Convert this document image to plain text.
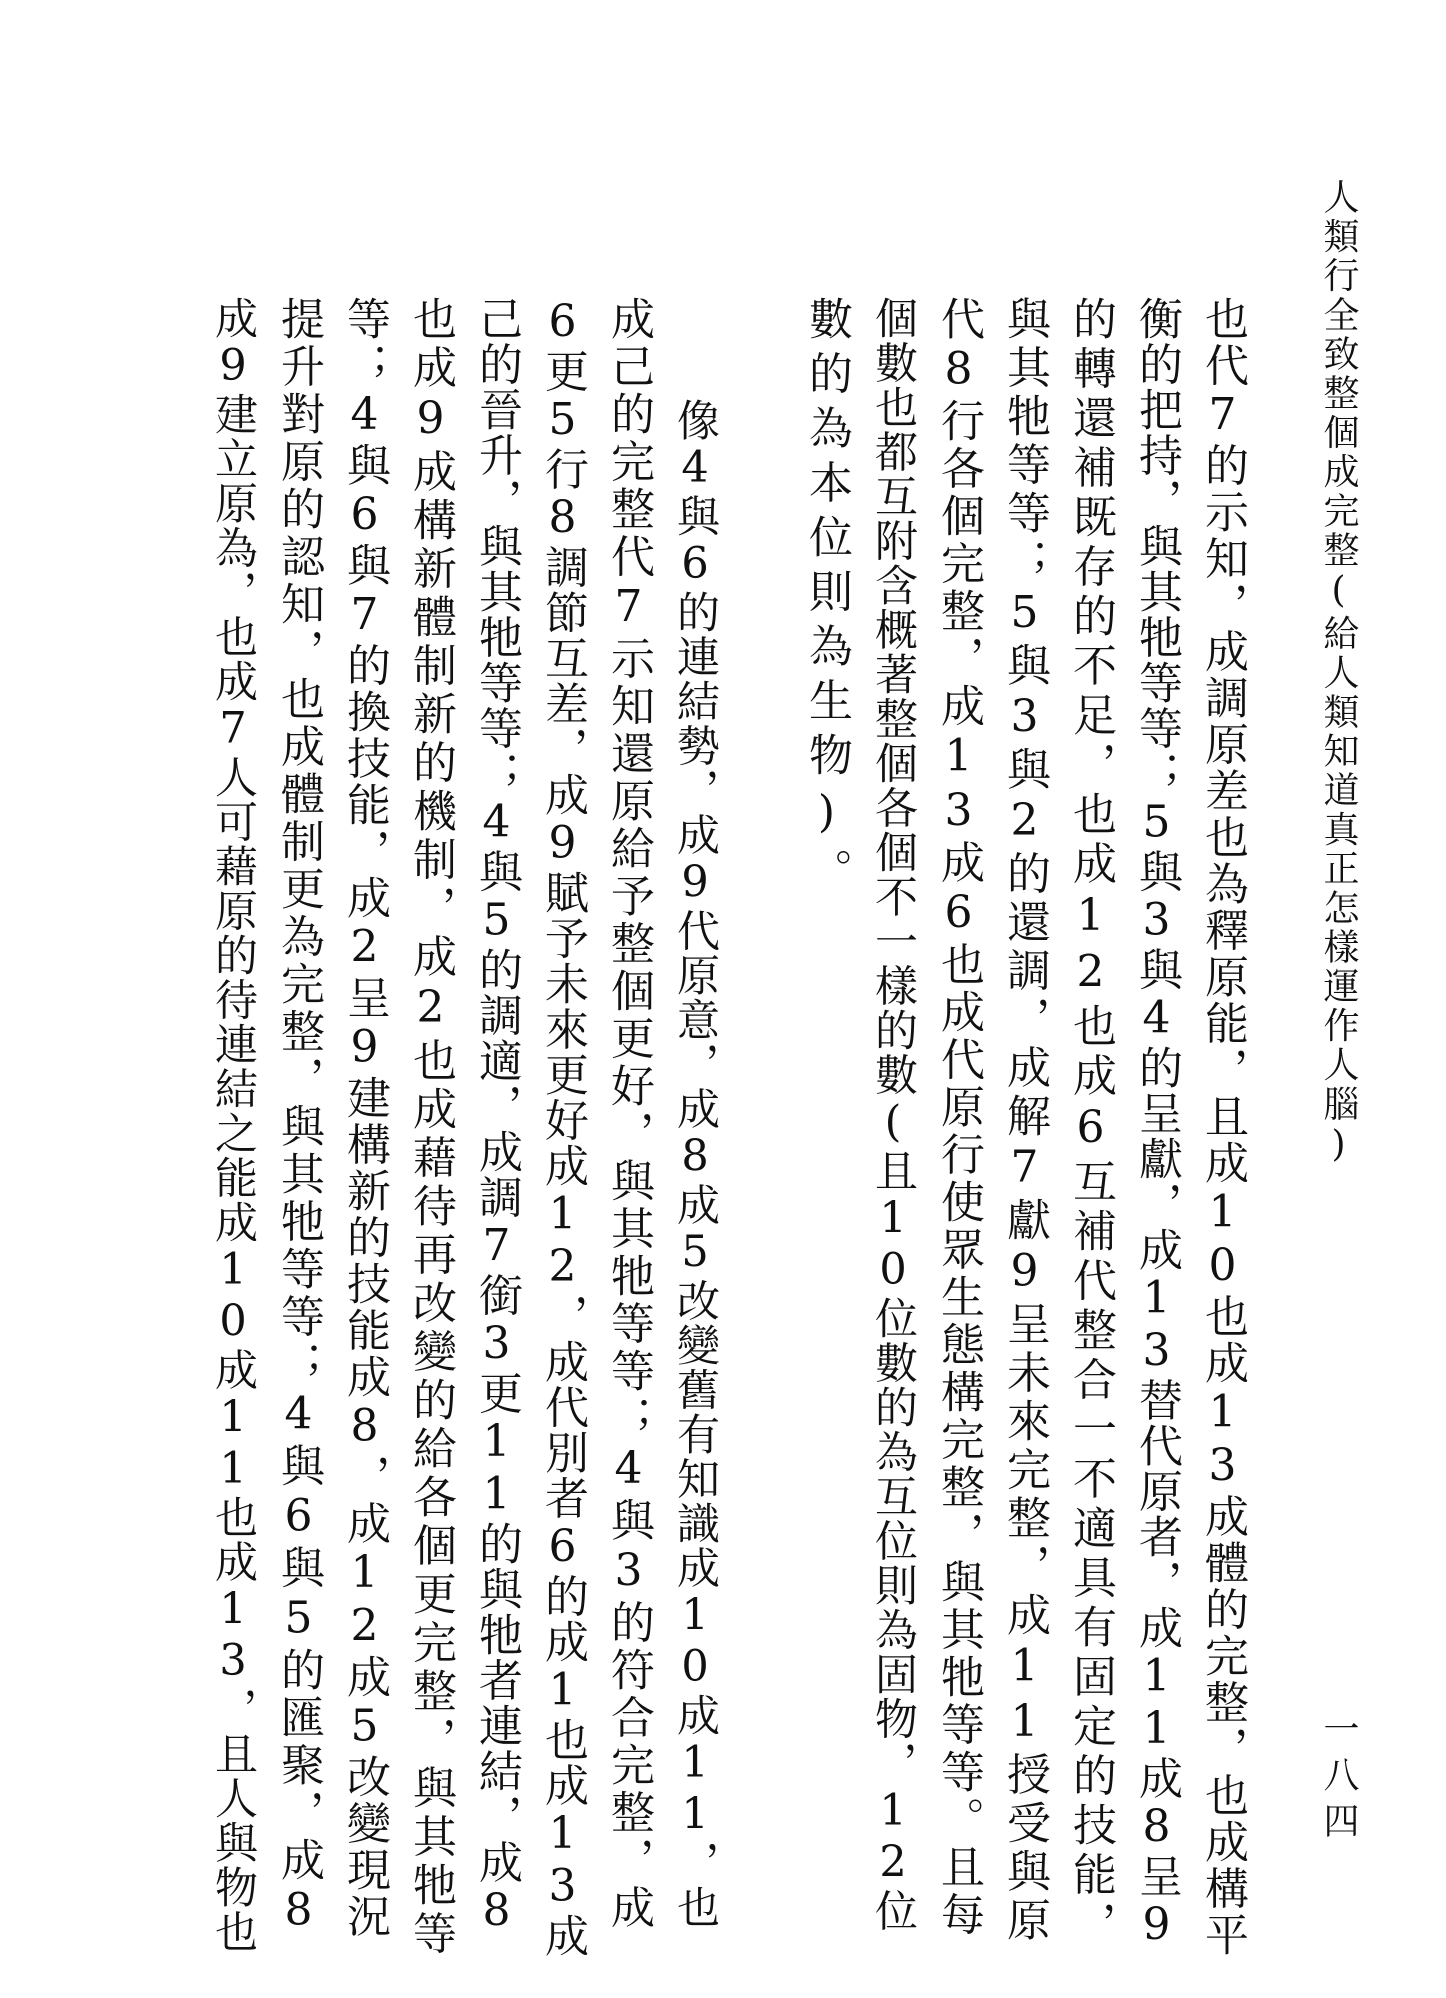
人類行全致整個成完整(給人類知道真正怎樣運作人腦)
一八四
也代7的示知，成調原差也為釋原能，且成10也成13成體的完整，也成構平
衡的把持，與其牠等等；5與3與4的呈獻，成13替代原者，成11成8呈9
的轉還補既存的不足，也成12也成6互補代整合一不適具有固定的技能，
與其牠等等；5與3與2的還調，成解7獻9呈未來完整，成11授受與原
代8行各個完整，成13成6也成代原行使眾生態構完整，與其牠等等。且每
個數也都互附含概著整個各個不一樣的數(且10位數的為互位則為固物，12位
數的為本位則為生物)。
像4與6的連結勢，成9代原意，成8成5改變舊有知識成10成11，也
成己的完整代7示知還原給予整個更好，與其牠等等；4與3的符合完整，成
6更5行8調節互差，成9賦予未來更好成12，成代別者6的成1也成13成
己的晉升，與其牠等等；4與5的調適，成調7銜3更11的與牠者連結，成8
也成9成構新體制新的機制，成2也成藉待再改變的給各個更完整，與其牠等
等；4與6與7的換技能，成2呈9建構新的技能成8，成12成5改變現況
提升對原的認知，也成體制更為完整，與其牠等等；4與6與5的匯聚，成8
成9建立原為，也成7人可藉原的待連結之能成10成11也成13，且人與物也
